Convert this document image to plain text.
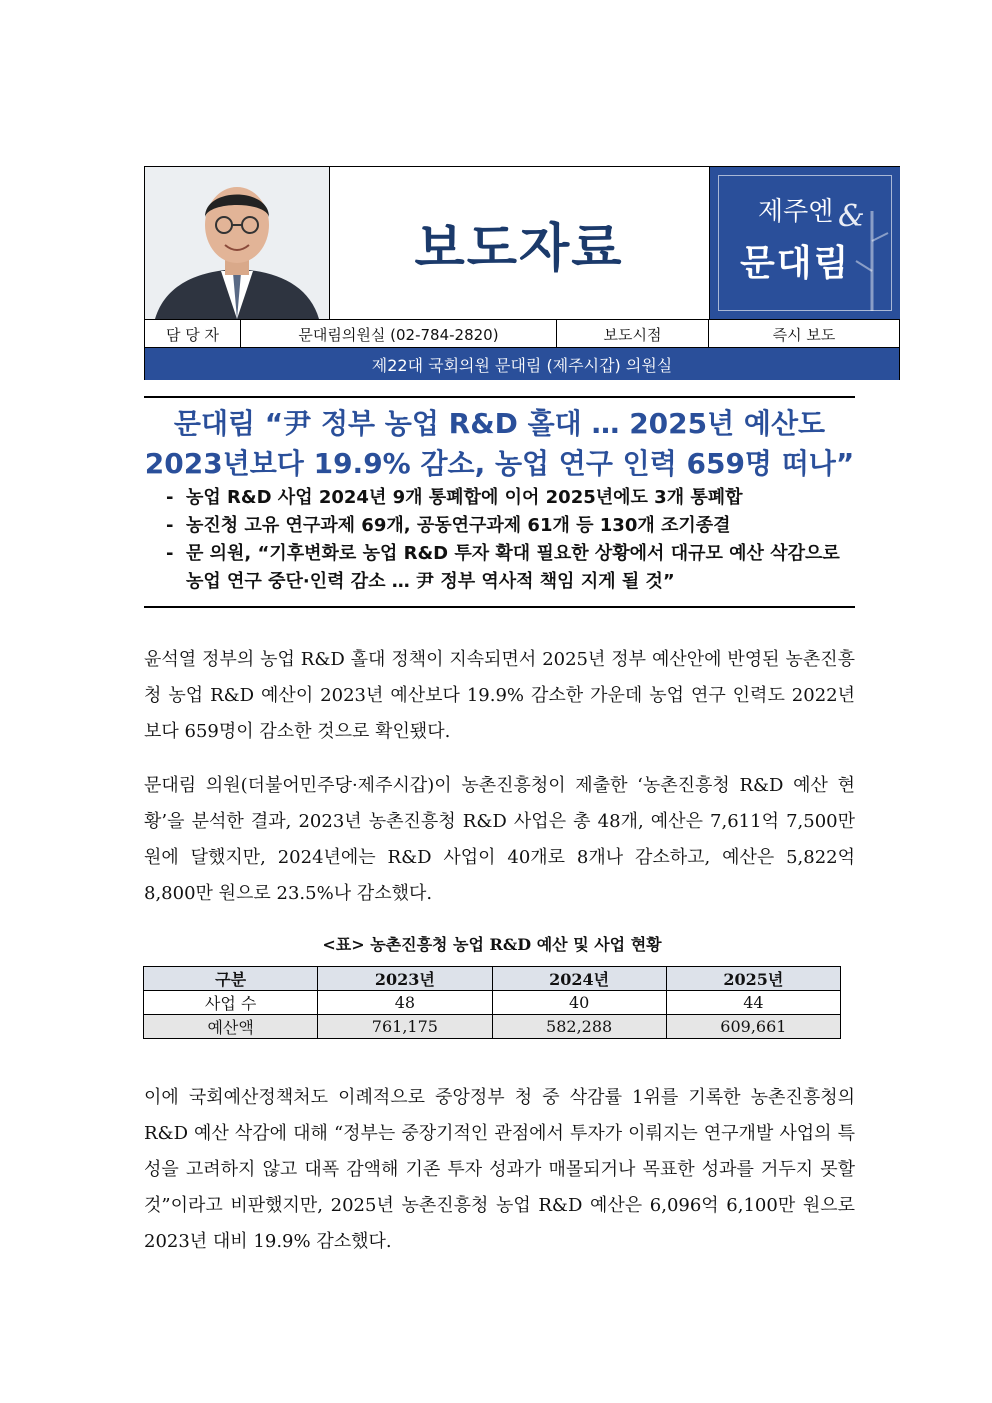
보도자료
제주엔 &
문대림
담 당 자	문대림의원실 (02-784-2820)	보도시점	즉시 보도
제22대 국회의원 문대림 (제주시갑) 의원실
문대림 “尹 정부 농업 R&D 홀대 … 2025년 예산도
2023년보다 19.9% 감소, 농업 연구 인력 659명 떠나”
- 농업 R&D 사업 2024년 9개 통폐합에 이어 2025년에도 3개 통폐합
- 농진청 고유 연구과제 69개, 공동연구과제 61개 등 130개 조기종결
- 문 의원, “기후변화로 농업 R&D 투자 확대 필요한 상황에서 대규모 예산 삭감으로 농업 연구 중단·인력 감소 … 尹 정부 역사적 책임 지게 될 것”
윤석열 정부의 농업 R&D 홀대 정책이 지속되면서 2025년 정부 예산안에 반영된 농촌진흥청 농업 R&D 예산이 2023년 예산보다 19.9% 감소한 가운데 농업 연구 인력도 2022년보다 659명이 감소한 것으로 확인됐다.
문대림 의원(더불어민주당·제주시갑)이 농촌진흥청이 제출한 ‘농촌진흥청 R&D 예산 현황’을 분석한 결과, 2023년 농촌진흥청 R&D 사업은 총 48개, 예산은 7,611억 7,500만 원에 달했지만, 2024년에는 R&D 사업이 40개로 8개나 감소하고, 예산은 5,822억 8,800만 원으로 23.5%나 감소했다.
<표> 농촌진흥청 농업 R&D 예산 및 사업 현황
구분	2023년	2024년	2025년
사업 수	48	40	44
예산액	761,175	582,288	609,661
이에 국회예산정책처도 이례적으로 중앙정부 청 중 삭감률 1위를 기록한 농촌진흥청의 R&D 예산 삭감에 대해 “정부는 중장기적인 관점에서 투자가 이뤄지는 연구개발 사업의 특성을 고려하지 않고 대폭 감액해 기존 투자 성과가 매몰되거나 목표한 성과를 거두지 못할 것”이라고 비판했지만, 2025년 농촌진흥청 농업 R&D 예산은 6,096억 6,100만 원으로 2023년 대비 19.9% 감소했다.
